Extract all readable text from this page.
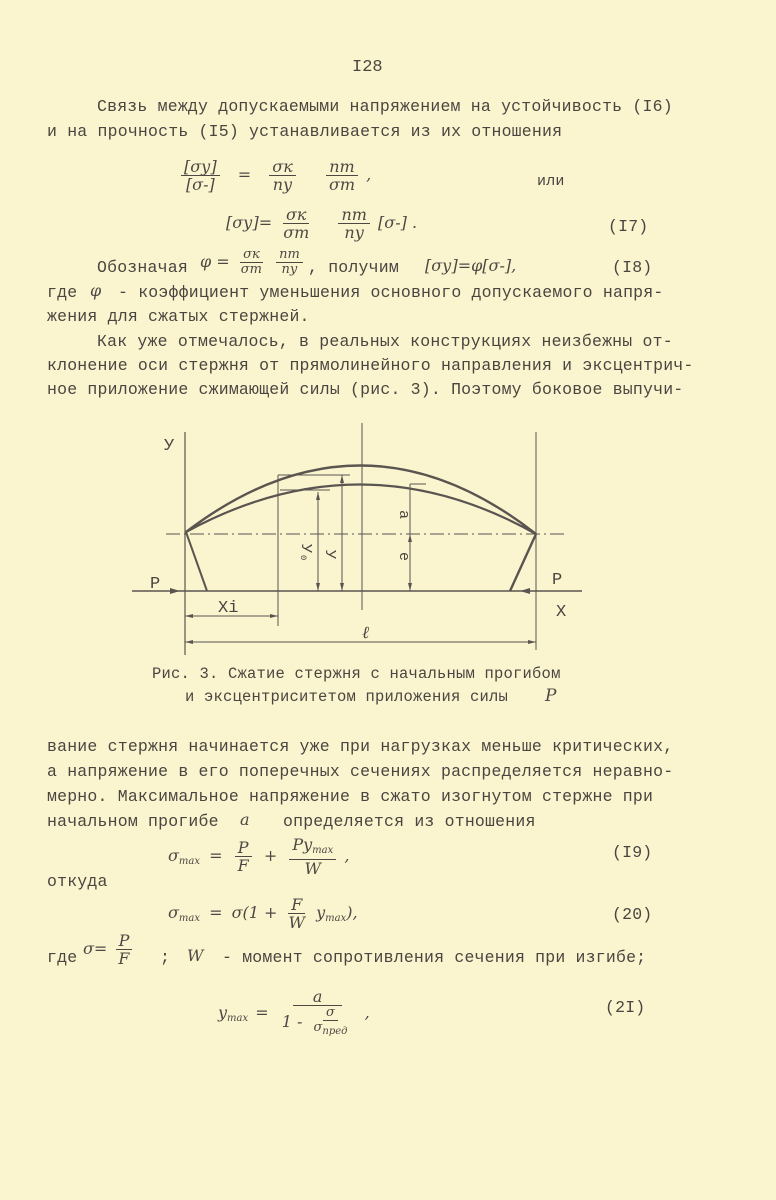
I28
Связь между допускаемыми напряжением на устойчивость (I6)
и на прочность (I5) устанавливается из их отношения
$\frac{[\sigma у]}{[\sigma-]} = \frac{\sigma к}{nу}$
$\frac{nт}{\sigma т}$ ,	или
$[\sigma у]= \frac{\sigma к}{\sigma т}$
$\frac{nт}{nу} [\sigma-]$ .	(I7)
Обозначая $\varphi = \frac{\sigma к}{\sigma т}$
$\frac{nт}{nу}$ , получим [σу]=φ[σ-],	(I8)
где φ - коэффициент уменьшения основного допускаемого напря-
жения для сжатых стержней.
Как уже отмечалось, в реальных конструкциях неизбежны от-
клонение оси стержня от прямолинейного направления и эксцентрич-
ное приложение сжимающей силы (рис. 3). Поэтому боковое выпучи-
У
X
P	P
Xi
ℓ
a
e
У₀ У
Рис. 3. Сжатие стержня с начальным прогибом
и эксцентриситетом приложения силы P
вание стержня начинается уже при нагрузках меньше критических,
а напряжение в его поперечных сечениях распределяется неравно-
мерно. Максимальное напряжение в сжато изогнутом стержне при
начальном прогибе a определяется из отношения
$\sigma_{max} = \frac{P}{F} + \frac{Py_{max}}{W}$ ,	(I9)
откуда
$\sigma_{max} = \sigma(1 + \frac{F}{W} y_{max})$,	(20)
где $\sigma= \frac{P}{F}$ ; W - момент сопротивления сечения при изгибе;
$y_{max} = \frac{a}{1 - \frac{\sigma}{\sigma_{пред}}}$ ,	(2I)
